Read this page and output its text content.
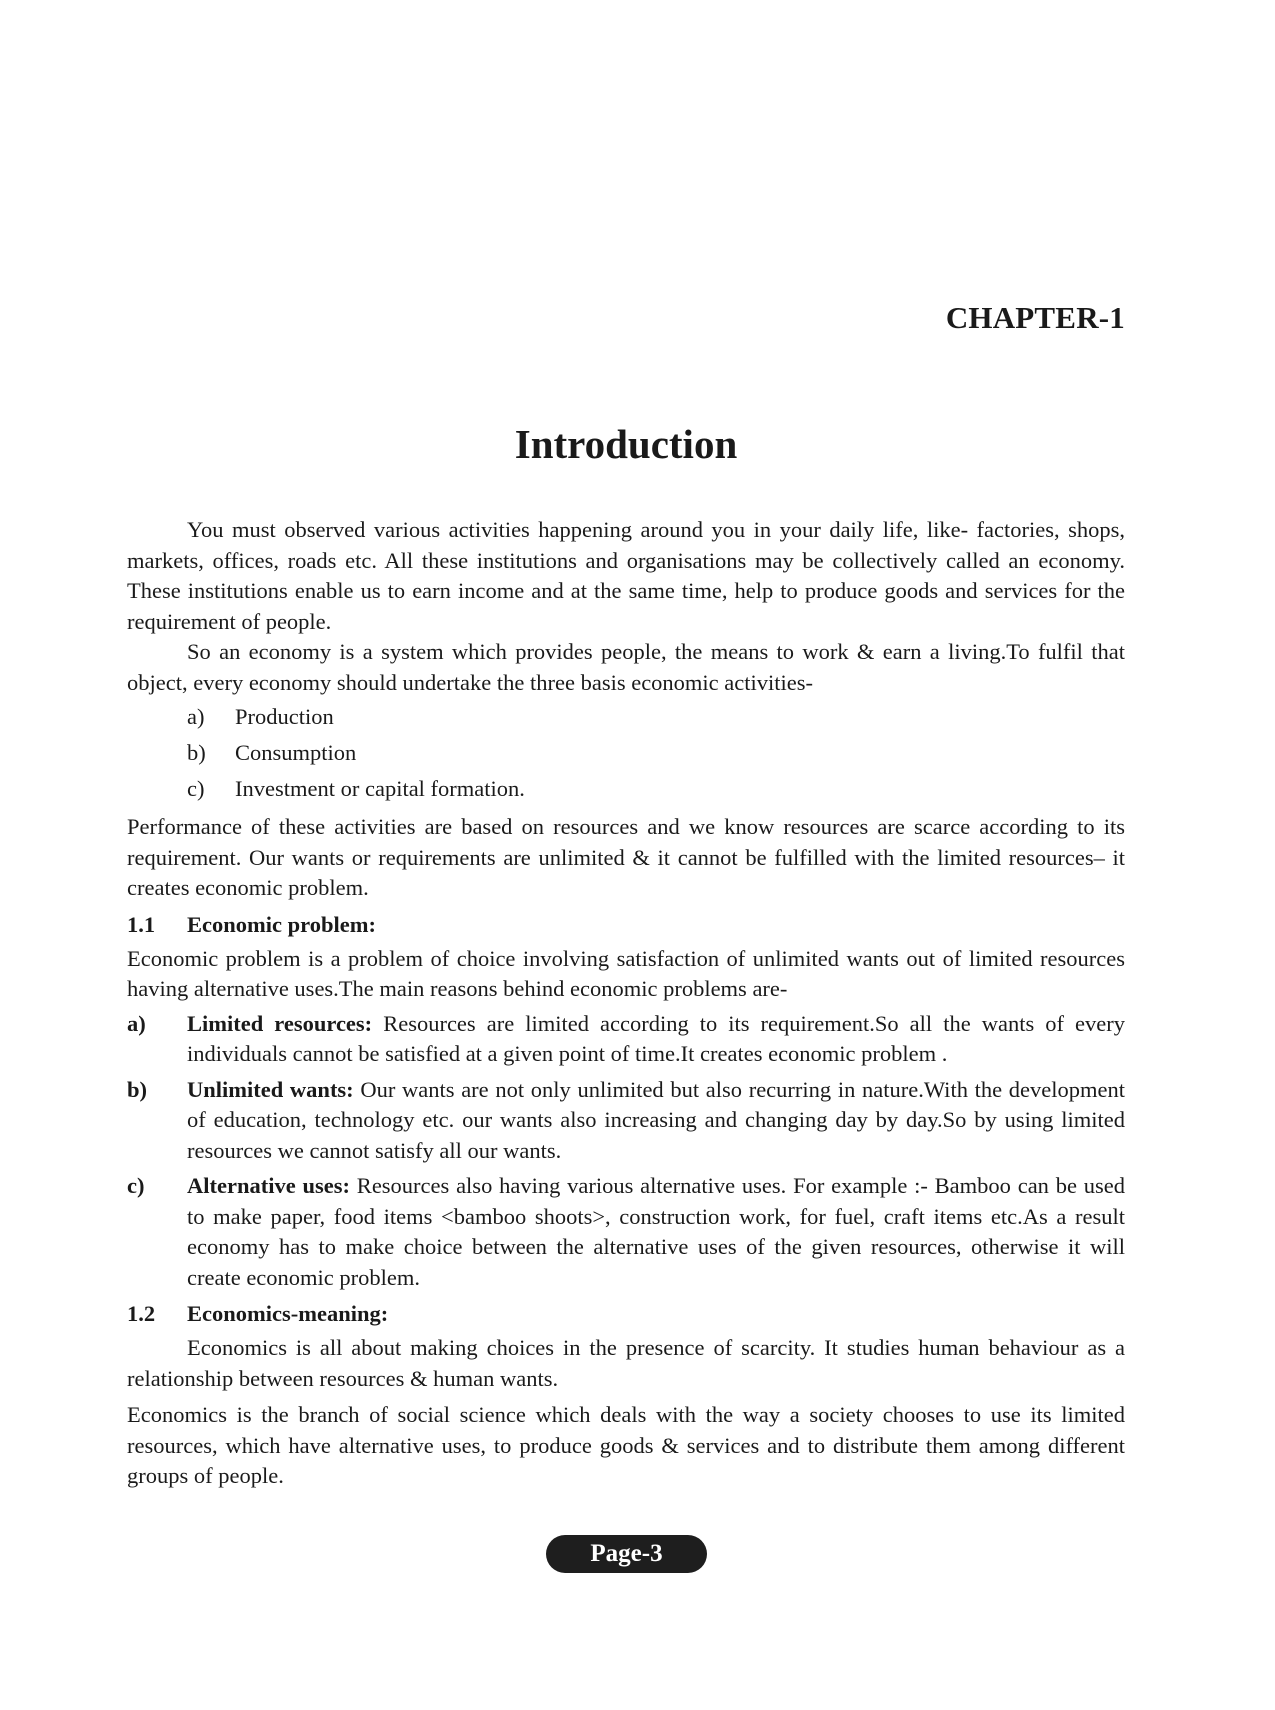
CHAPTER-1
Introduction

You must observed various activities happening around you in your daily life, like- factories, shops, markets, offices, roads etc. All these institutions and organisations may be collectively called an economy. These institutions enable us to earn income and at the same time, help to produce goods and services for the requirement of people.

So an economy is a system which provides people, the means to work & earn a living.To fulfil that object, every economy should undertake the three basis economic activities-

a)	Production
b)	Consumption
c)	Investment or capital formation.

Performance of these activities are based on resources and we know resources are scarce according to its requirement. Our wants or requirements are unlimited & it cannot be fulfilled with the limited resources– it creates economic problem.

1.1	Economic problem:

Economic problem is a problem of choice involving satisfaction of unlimited wants out of limited resources having alternative uses.The main reasons behind economic problems are-

a)	Limited resources: Resources are limited according to its requirement.So all the wants of every individuals cannot be satisfied at a given point of time.It creates economic problem .
b)	Unlimited wants: Our wants are not only unlimited but also recurring in nature.With the development of education, technology etc. our wants also increasing and changing day by day.So by using limited resources we cannot satisfy all our wants.
c)	Alternative uses: Resources also having various alternative uses. For example :- Bamboo can be used to make paper, food items <bamboo shoots>, construction work, for fuel, craft items etc.As a result economy has to make choice between the alternative uses of the given resources, otherwise it will create economic problem.
1.2	Economics-meaning:

Economics is all about making choices in the presence of scarcity. It studies human behaviour as a relationship between resources & human wants.

Economics is the branch of social science which deals with the way a society chooses to use its limited resources, which have alternative uses, to produce goods & services and to distribute them among different groups of people.

Page-3
